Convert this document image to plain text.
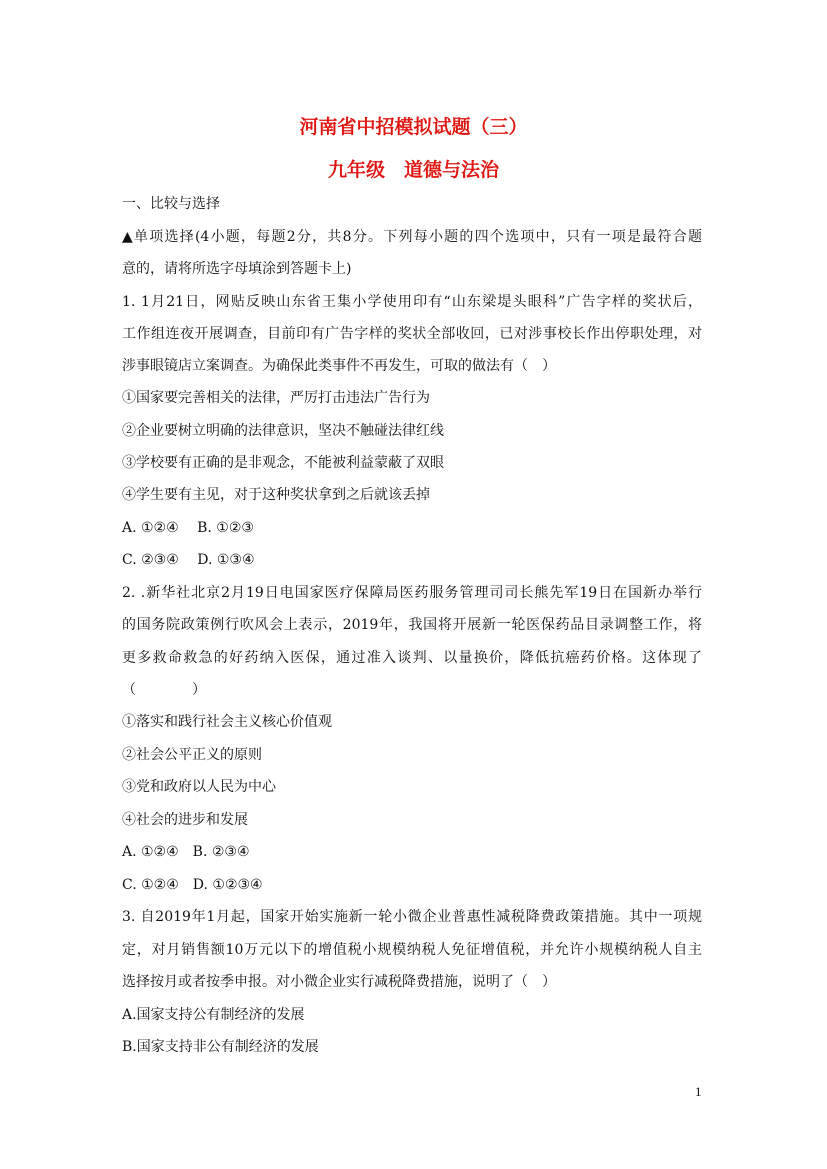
河南省中招模拟试题（三）
九年级　道德与法治
一、比较与选择
▲单项选择(4小题，每题2分，共8分。下列每小题的四个选项中，只有一项是最符合题
意的，请将所选字母填涂到答题卡上)
1. 1月21日，网贴反映山东省王集小学使用印有“山东梁堤头眼科”广告字样的奖状后，
工作组连夜开展调查，目前印有广告字样的奖状全部收回，已对涉事校长作出停职处理，对
涉事眼镜店立案调查。为确保此类事件不再发生，可取的做法有（　）
①国家要完善相关的法律，严厉打击违法广告行为
②企业要树立明确的法律意识，坚决不触碰法律红线
③学校要有正确的是非观念，不能被利益蒙蔽了双眼
④学生要有主见，对于这种奖状拿到之后就该丢掉
A. ①②④　 B. ①②③
C. ②③④　 D. ①③④
2. .新华社北京2月19日电国家医疗保障局医药服务管理司司长熊先军19日在国新办举行
的国务院政策例行吹风会上表示，2019年，我国将开展新一轮医保药品目录调整工作，将
更多救命救急的好药纳入医保，通过准入谈判、以量换价，降低抗癌药价格。这体现了
（　　　　）
①落实和践行社会主义核心价值观
②社会公平正义的原则
③党和政府以人民为中心
④社会的进步和发展
A. ①②④　B. ②③④
C. ①②④　D. ①②③④
3. 自2019年1月起，国家开始实施新一轮小微企业普惠性减税降费政策措施。其中一项规
定，对月销售额10万元以下的增值税小规模纳税人免征增值税，并允许小规模纳税人自主
选择按月或者按季申报。对小微企业实行减税降费措施，说明了（　）
A.国家支持公有制经济的发展
B.国家支持非公有制经济的发展
1
